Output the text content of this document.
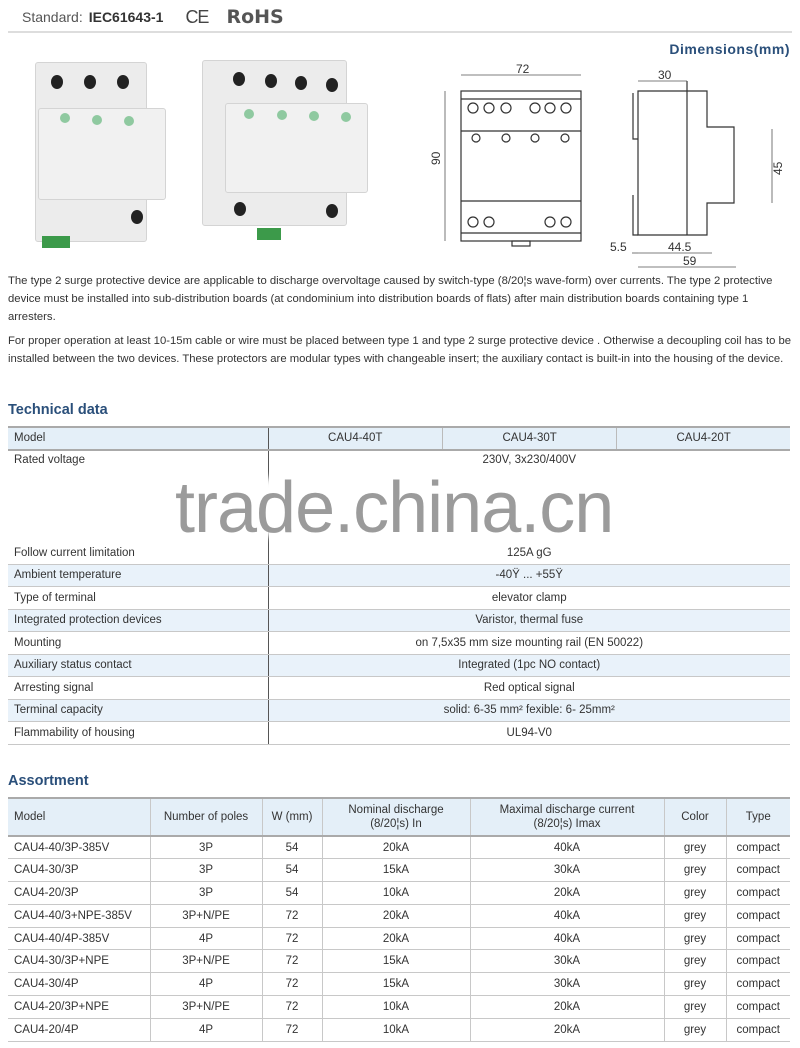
Standard: IEC61643-1 CE RoHS
Dimensions(mm)
72
90
30
45
5.5	44.5
59

The type 2 surge protective device are applicable to discharge overvoltage caused by switch-type (8/20¦s wave-form) over currents. The type 2 protective device must be installed into sub-distribution boards (at condominium into distribution boards of flats) after main distribution boards containing type 1 arresters.

For proper operation at least 10-15m cable or wire must be placed between type 1 and type 2 surge protective device . Otherwise a decoupling coil has to be installed between the two devices. These protectors are modular types with changeable insert; the auxiliary contact is built-in into the housing of the device.

Technical data
Model	CAU4-40T	CAU4-30T	CAU4-20T
Rated voltage	230V, 3x230/400V		
Follow current limitation	125A gG		
Ambient temperature	-40Ÿ ... +55Ÿ		
Type of terminal	elevator clamp		
Integrated protection devices	Varistor, thermal fuse		
Mounting	on 7,5x35 mm size mounting rail (EN 50022)		
Auxiliary status contact	Integrated (1pc NO contact)		
Arresting signal	Red optical signal		
Terminal capacity	solid: 6-35 mm² fexible: 6- 25mm²		
Flammability of housing	UL94-V0		
trade.china.cn
Assortment
Model	Number of poles	W (mm)	Nominal discharge
(8/20¦s) In	Maximal discharge current
(8/20¦s) Imax	Color	Type
CAU4-40/3P-385V	3P	54	20kA	40kA	grey	compact
CAU4-30/3P	3P	54	15kA	30kA	grey	compact
CAU4-20/3P	3P	54	10kA	20kA	grey	compact
CAU4-40/3+NPE-385V	3P+N/PE	72	20kA	40kA	grey	compact
CAU4-40/4P-385V	4P	72	20kA	40kA	grey	compact
CAU4-30/3P+NPE	3P+N/PE	72	15kA	30kA	grey	compact
CAU4-30/4P	4P	72	15kA	30kA	grey	compact
CAU4-20/3P+NPE	3P+N/PE	72	10kA	20kA	grey	compact
CAU4-20/4P	4P	72	10kA	20kA	grey	compact
